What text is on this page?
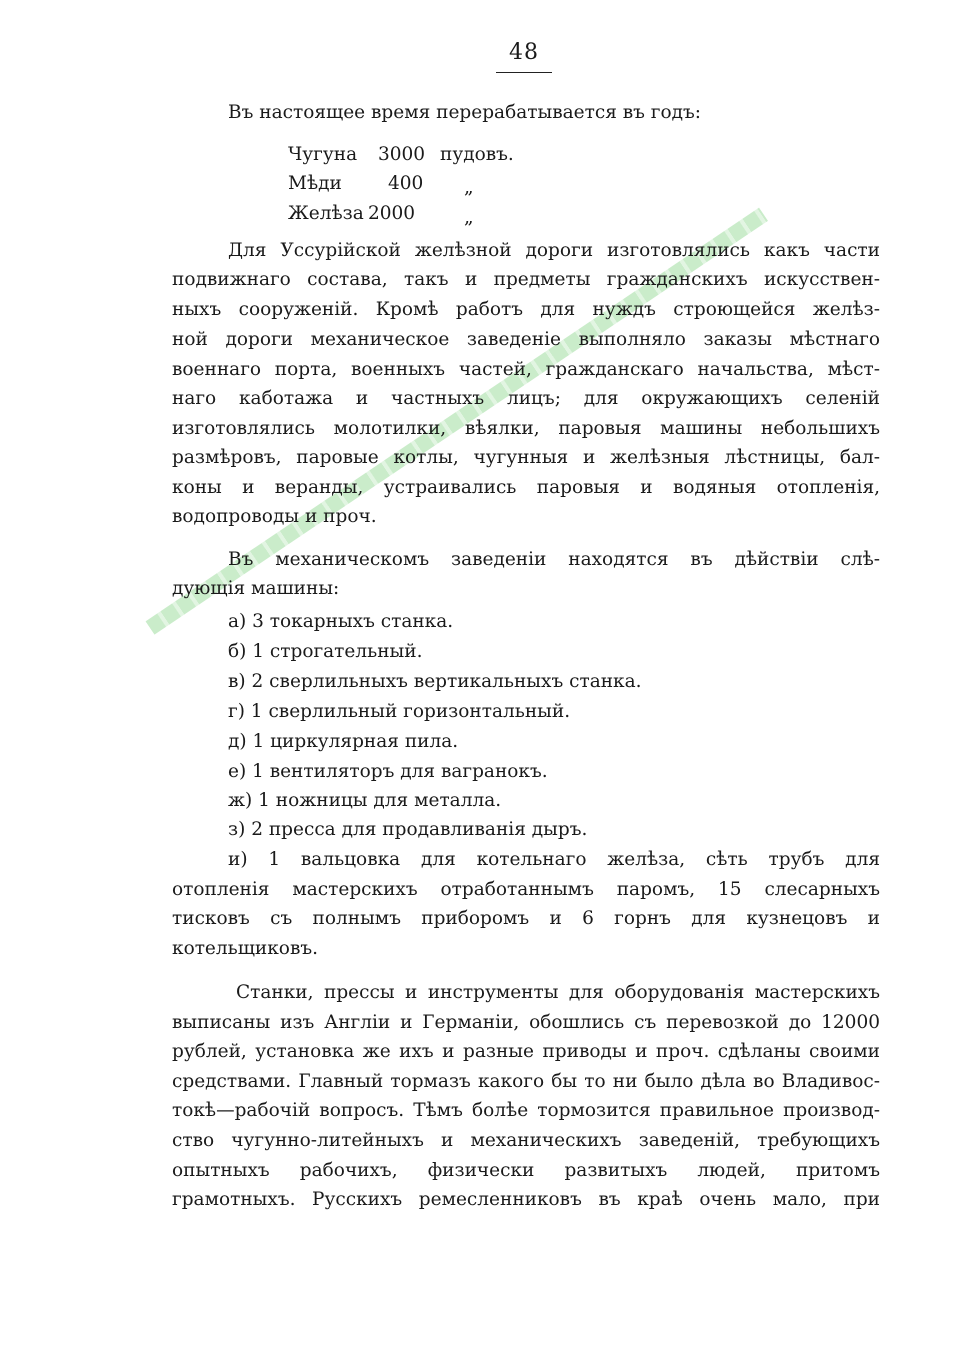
48

Въ настоящее время перерабатывается въ годъ:

Чугуна 3000 пудовъ.
Мѣди 400 „
Желѣза 2000	„

Для Уссурійской желѣзной дороги изготовлялись какъ части

подвижнаго состава, такъ и предметы гражданскихъ искусствен-

ныхъ сооруженій. Кромѣ работъ для нуждъ строющейся желѣз-

ной дороги механическое заведеніе выполняло заказы мѣстнаго

военнаго порта, военныхъ частей, гражданскаго начальства, мѣст-

наго каботажа и частныхъ лицъ; для окружающихъ селеній

изготовлялись молотилки, вѣялки, паровыя машины небольшихъ

размѣровъ, паровые котлы, чугунныя и желѣзныя лѣстницы, бал-

коны и веранды, устраивались паровыя и водяныя отопленія,

водопроводы и проч.

Въ механическомъ заведеніи находятся въ дѣйствіи слѣ-

дующія машины:

а) 3 токарныхъ станка.

б) 1 строгательный.

в) 2 сверлильныхъ вертикальныхъ станка.

г) 1 сверлильный горизонтальный.

д) 1 циркулярная пила.

е) 1 вентиляторъ для вагранокъ.

ж) 1 ножницы для металла.

з) 2 пресса для продавливанія дыръ.

и) 1 вальцовка для котельнаго желѣза, сѣть трубъ для

отопленія мастерскихъ отработаннымъ паромъ, 15 слесарныхъ

тисковъ съ полнымъ приборомъ и 6 горнъ для кузнецовъ и

котельщиковъ.

Станки, прессы и инструменты для оборудованія мастерскихъ

выписаны изъ Англіи и Германіи, обошлись съ перевозкой до 12000

рублей, установка же ихъ и разные приводы и проч. сдѣланы своими

средствами. Главный тормазъ какого бы то ни было дѣла во Владивос-

токѣ—рабочій вопросъ. Тѣмъ болѣе тормозится правильное производ-

ство чугунно-литейныхъ и механическихъ заведеній, требующихъ

опытныхъ рабочихъ, физически развитыхъ людей, притомъ

грамотныхъ. Русскихъ ремесленниковъ въ краѣ очень мало, при
